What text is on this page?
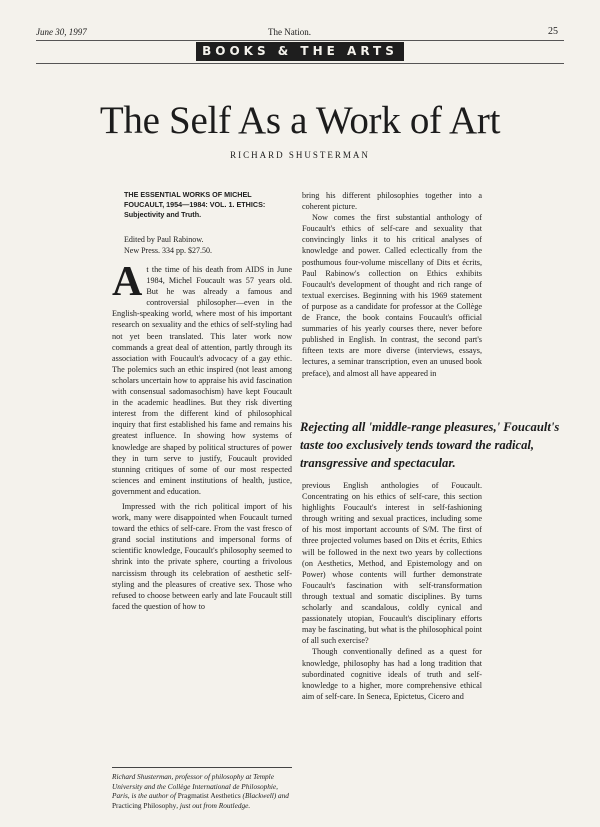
June 30, 1997	The Nation.	25
BOOKS & THE ARTS
The Self As a Work of Art
RICHARD SHUSTERMAN
THE ESSENTIAL WORKS OF MICHEL
FOUCAULT, 1954—1984: VOL. 1. ETHICS:
Subjectivity and Truth.
Edited by Paul Rabinow.
New Press. 334 pp. $27.50.

At the time of his death from AIDS in June 1984, Michel Foucault was 57 years old. But he was already a famous and controversial philosopher—even in the English-speaking world, where most of his important research on sexuality and the ethics of self-styling had not yet been translated. This later work now commands a great deal of attention, partly through its association with Foucault's advocacy of a gay ethic. The polemics such an ethic inspired (not least among scholars uncertain how to appraise his avid fascination with consensual sadomasochism) have kept Foucault in the academic headlines. But they risk diverting interest from the different kind of philosophical inquiry that first established his fame and remains his greatest influence. In showing how systems of knowledge are shaped by political structures of power they in turn serve to justify, Foucault provided stunning critiques of some of our most respected sciences and eminent institutions of health, justice, government and education.

Impressed with the rich political import of his work, many were disappointed when Foucault turned toward the ethics of self-care. From the vast fresco of grand social institutions and impersonal forms of scientific knowledge, Foucault's philosophy seemed to shrink into the private sphere, courting a frivolous narcissism through its celebration of aesthetic self-styling and the pleasures of creative sex. Those who refused to choose between early and late Foucault still faced the question of how to

bring his different philosophies together into a coherent picture.

Now comes the first substantial anthology of Foucault's ethics of self-care and sexuality that convincingly links it to his critical analyses of knowledge and power. Called eclectically from the posthumous four-volume miscellany of Dits et écrits, Paul Rabinow's collection on Ethics exhibits Foucault's development of thought and rich range of textual exercises. Beginning with his 1969 statement of purpose as a candidate for professor at the Collège de France, the book contains Foucault's official summaries of his yearly courses there, never before published in English. In contrast, the second part's fifteen texts are more diverse (interviews, essays, lectures, a seminar transcription, even an unused book preface), and almost all have appeared in

Rejecting all 'middle-range pleasures,' Foucault's taste too exclusively tends toward the radical, transgressive and spectacular.

previous English anthologies of Foucault. Concentrating on his ethics of self-care, this section highlights Foucault's interest in self-fashioning through writing and sexual practices, including some of his most important accounts of S/M. The first of three projected volumes based on Dits et écrits, Ethics will be followed in the next two years by collections (on Aesthetics, Method, and Epistemology and on Power) whose contents will further demonstrate Foucault's fascination with self-transformation through textual and somatic disciplines. By turns scholarly and scandalous, coldly cynical and passionately utopian, Foucault's disciplinary efforts may be fascinating, but what is the philosophical point of all such exercise?

Though conventionally defined as a quest for knowledge, philosophy has had a long tradition that subordinated cognitive ideals of truth and self-knowledge to a higher, more comprehensive ethical aim of self-care. In Seneca, Epictetus, Cicero and

Richard Shusterman, professor of philosophy at Temple University and the Collège International de Philosophie, Paris, is the author of Pragmatist Aesthetics (Blackwell) and Practicing Philosophy, just out from Routledge.
